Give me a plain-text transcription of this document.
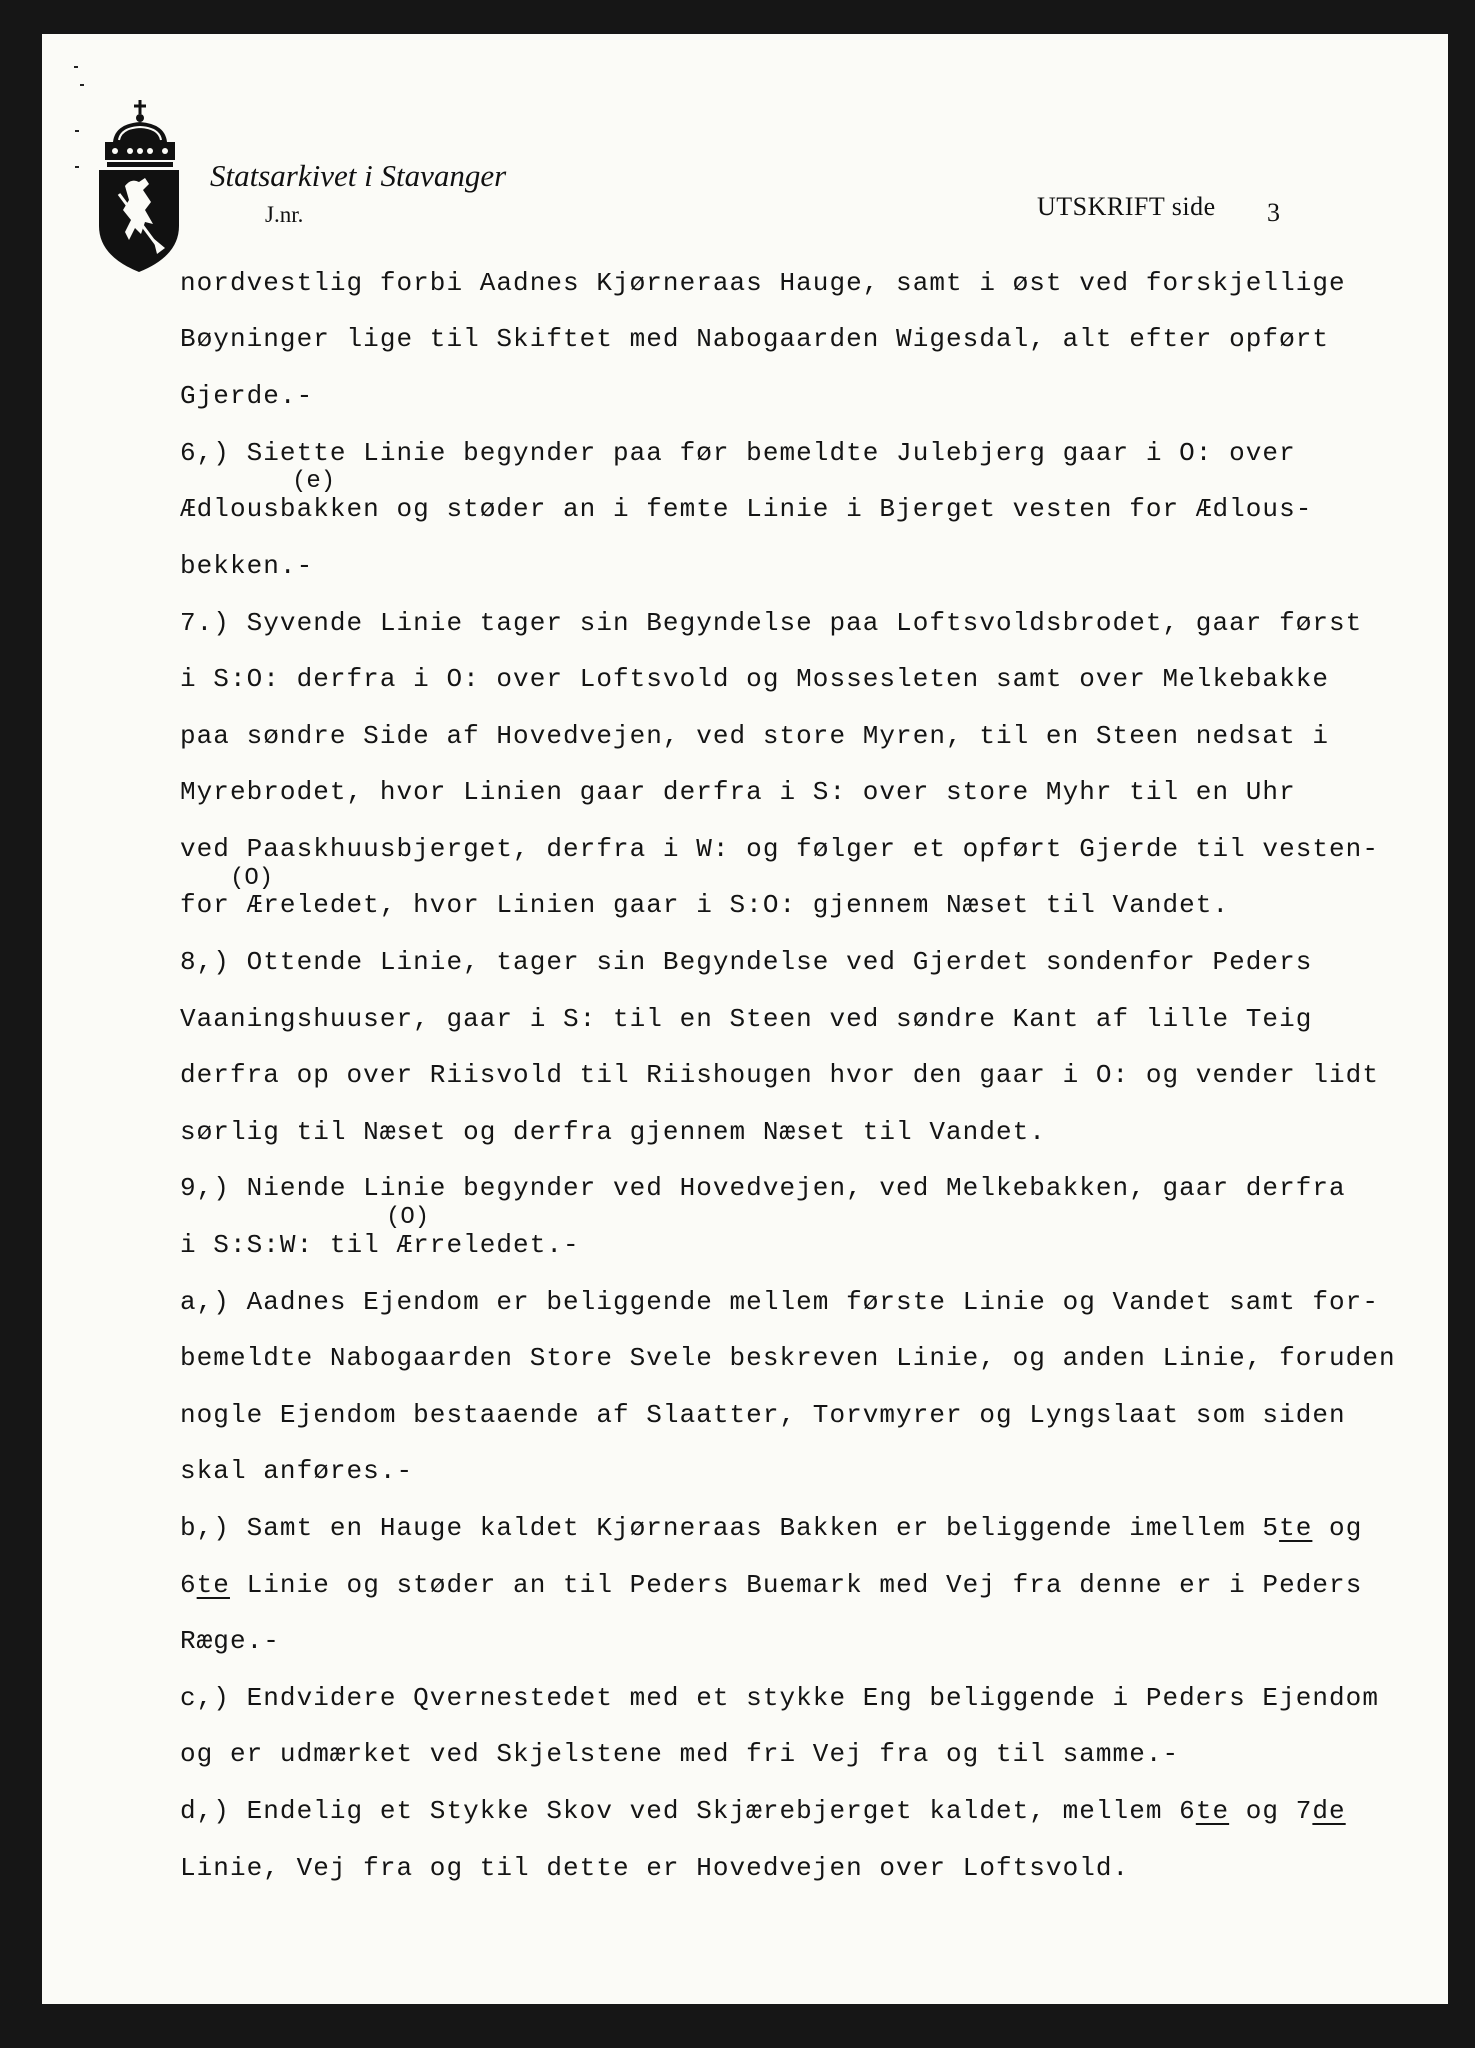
Statsarkivet i Stavanger
J.nr.	UTSKRIFT side 3
nordvestlig forbi Aadnes Kjørneraas Hauge, samt i øst ved forskjellige
Bøyninger lige til Skiftet med Nabogaarden Wigesdal, alt efter opført
Gjerde.-
6,) Siette Linie begynder paa før bemeldte Julebjerg gaar i O: over
(e)
Ædlousbakken og støder an i femte Linie i Bjerget vesten for Ædlous-
bekken.-
7.) Syvende Linie tager sin Begyndelse paa Loftsvoldsbrodet, gaar først
i S:O: derfra i O: over Loftsvold og Mossesleten samt over Melkebakke
paa søndre Side af Hovedvejen, ved store Myren, til en Steen nedsat i
Myrebrodet, hvor Linien gaar derfra i S: over store Myhr til en Uhr
ved Paaskhuusbjerget, derfra i W: og følger et opført Gjerde til vesten-
(O)
for Æreledet, hvor Linien gaar i S:O: gjennem Næset til Vandet.
8,) Ottende Linie, tager sin Begyndelse ved Gjerdet sondenfor Peders
Vaaningshuuser, gaar i S: til en Steen ved søndre Kant af lille Teig
derfra op over Riisvold til Riishougen hvor den gaar i O: og vender lidt
sørlig til Næset og derfra gjennem Næset til Vandet.
9,) Niende Linie begynder ved Hovedvejen, ved Melkebakken, gaar derfra
(O)
i S:S:W: til Ærreledet.-
a,) Aadnes Ejendom er beliggende mellem første Linie og Vandet samt for-
bemeldte Nabogaarden Store Svele beskreven Linie, og anden Linie, foruden
nogle Ejendom bestaaende af Slaatter, Torvmyrer og Lyngslaat som siden
skal anføres.-
b,) Samt en Hauge kaldet Kjørneraas Bakken er beliggende imellem 5te og
6te Linie og støder an til Peders Buemark med Vej fra denne er i Peders
Ræge.-
c,) Endvidere Qvernestedet med et stykke Eng beliggende i Peders Ejendom
og er udmærket ved Skjelstene med fri Vej fra og til samme.-
d,) Endelig et Stykke Skov ved Skjærebjerget kaldet, mellem 6te og 7de
Linie, Vej fra og til dette er Hovedvejen over Loftsvold.
